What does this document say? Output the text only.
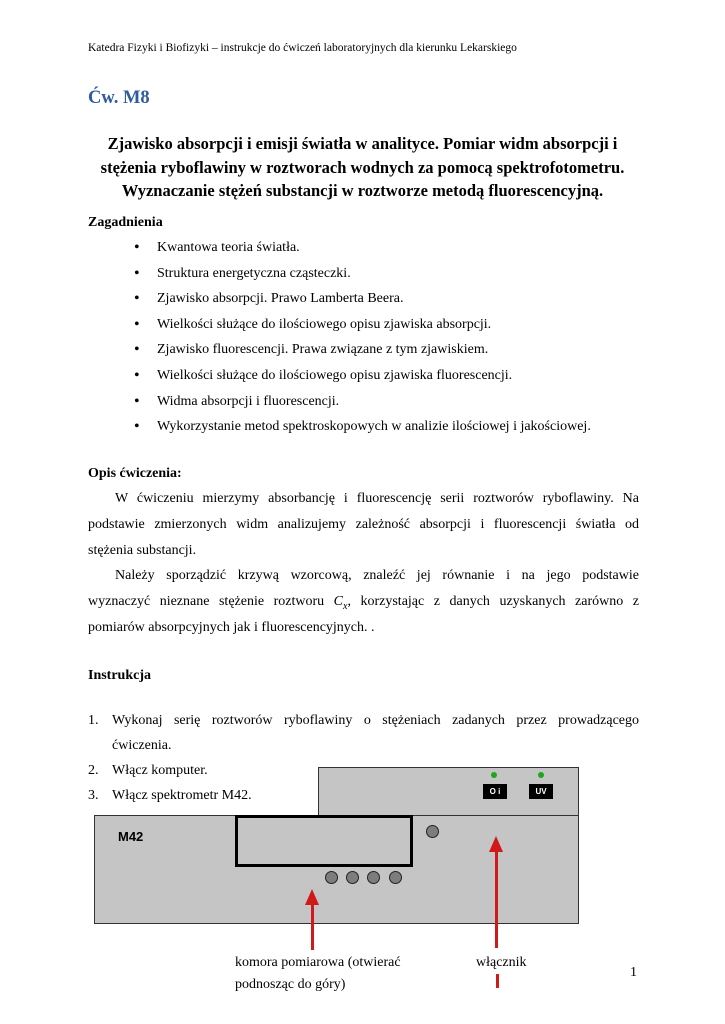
Katedra Fizyki i Biofizyki – instrukcje do ćwiczeń laboratoryjnych dla kierunku Lekarskiego
Ćw. M8
Zjawisko absorpcji i emisji światła w analityce. Pomiar widm absorpcji i
stężenia ryboflawiny w roztworach wodnych za pomocą spektrofotometru.
Wyznaczanie stężeń substancji w roztworze metodą fluorescencyjną.
Zagadnienia
• Kwantowa teoria światła.
• Struktura energetyczna cząsteczki.
• Zjawisko absorpcji. Prawo Lamberta Beera.
• Wielkości służące do ilościowego opisu zjawiska absorpcji.
• Zjawisko fluorescencji. Prawa związane z tym zjawiskiem.
• Wielkości służące do ilościowego opisu zjawiska fluorescencji.
• Widma absorpcji i fluorescencji.
• Wykorzystanie metod spektroskopowych w analizie ilościowej i jakościowej.
Opis ćwiczenia:
W ćwiczeniu mierzymy absorbancję i fluorescencję serii roztworów ryboflawiny. Na
podstawie zmierzonych widm analizujemy zależność absorpcji i fluorescencji światła od
stężenia substancji.
Należy sporządzić krzywą wzorcową, znaleźć jej równanie i na jego podstawie
wyznaczyć nieznane stężenie roztworu $C_x$, korzystając z danych uzyskanych zarówno z
pomiarów absorpcyjnych jak i fluorescencyjnych. .
Instrukcja
1. Wykonaj serię roztworów ryboflawiny o stężeniach zadanych przez prowadzącego
ćwiczenia.
2. Włącz komputer.
3. Włącz spektrometr M42.
M42
O i	UV
komora pomiarowa (otwierać
podnosząc do góry)
włącznik
1
